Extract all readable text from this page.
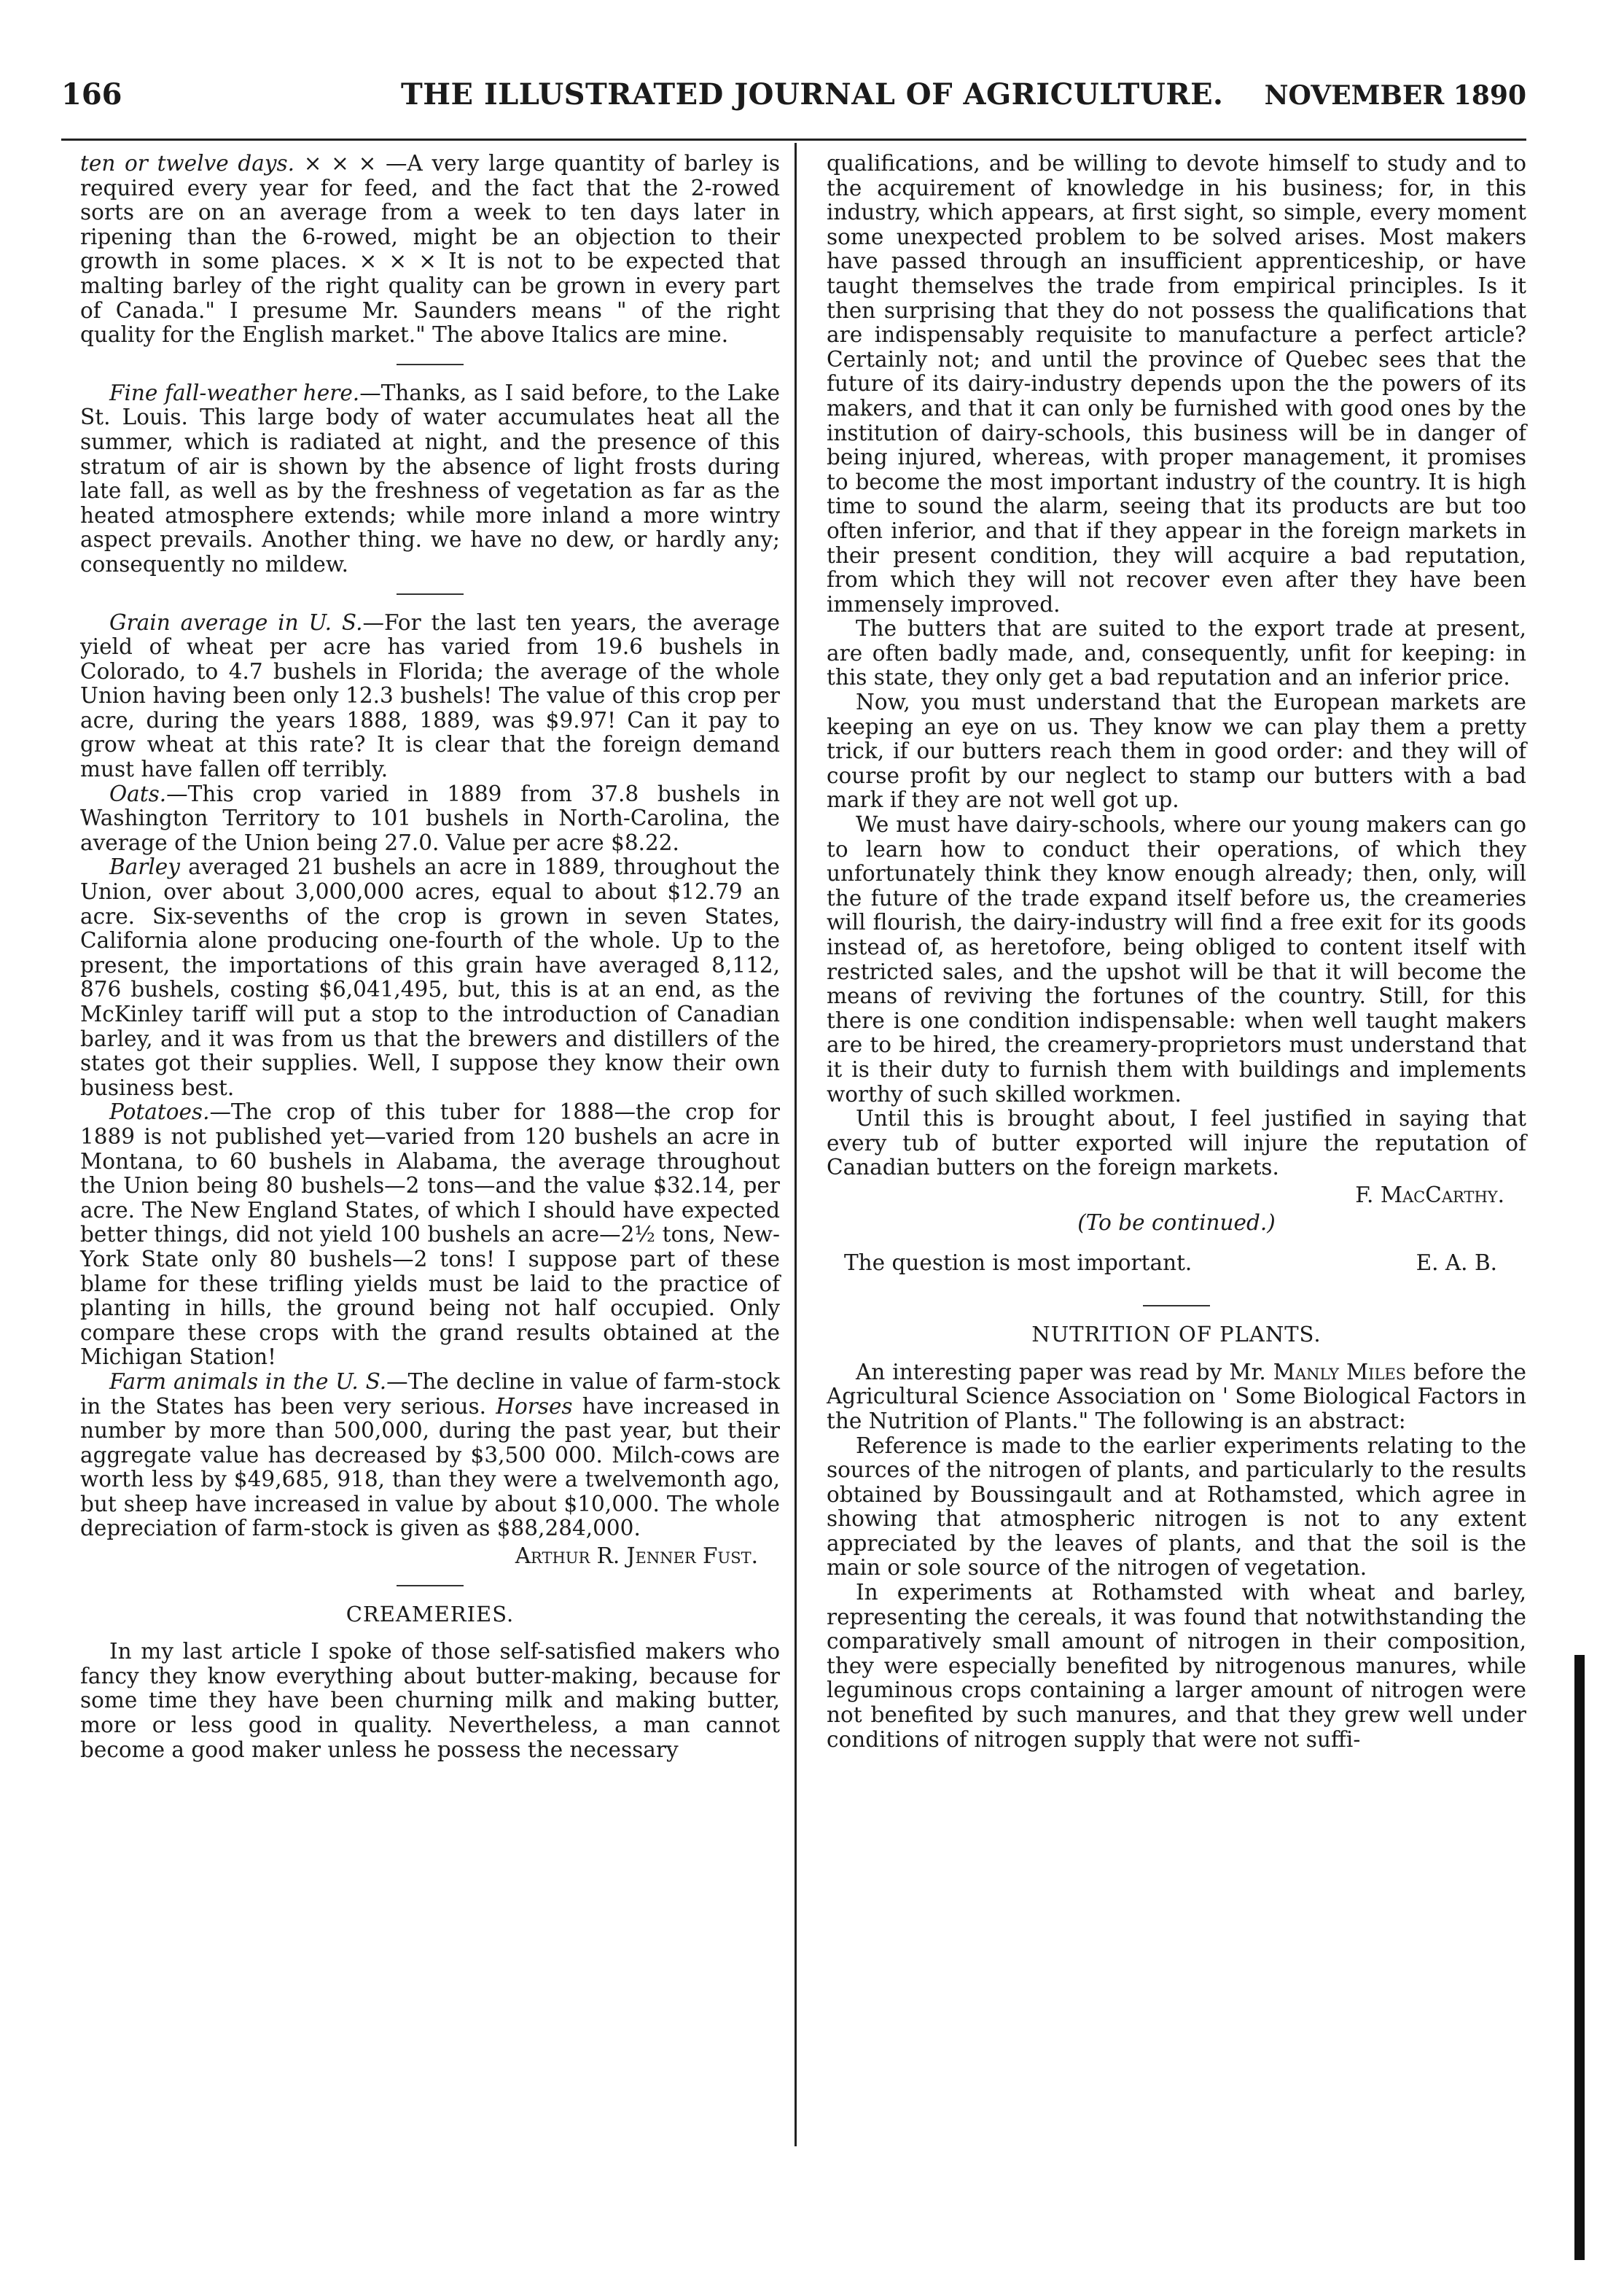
166	THE ILLUSTRATED JOURNAL OF AGRICULTURE. NOVEMBER 1890

ten or twelve days. × × × —A very large quantity of barley is required every year for feed, and the fact that the 2-rowed sorts are on an average from a week to ten days later in ripening than the 6-rowed, might be an objection to their growth in some places. × × × It is not to be expected that malting barley of the right quality can be grown in every part of Canada." I presume Mr. Saunders means " of the right quality for the English market." The above Italics are mine.

Fine fall-weather here.—Thanks, as I said before, to the Lake St. Louis. This large body of water accumulates heat all the summer, which is radiated at night, and the presence of this stratum of air is shown by the absence of light frosts during late fall, as well as by the freshness of vegetation as far as the heated atmosphere extends; while more inland a more wintry aspect prevails. Another thing. we have no dew, or hardly any; consequently no mildew.

Grain average in U. S.—For the last ten years, the average yield of wheat per acre has varied from 19.6 bushels in Colorado, to 4.7 bushels in Florida; the average of the whole Union having been only 12.3 bushels! The value of this crop per acre, during the years 1888, 1889, was $9.97! Can it pay to grow wheat at this rate? It is clear that the foreign demand must have fallen off terribly.

Oats.—This crop varied in 1889 from 37.8 bushels in Washington Territory to 101 bushels in North-Carolina, the average of the Union being 27.0. Value per acre $8.22.

Barley averaged 21 bushels an acre in 1889, throughout the Union, over about 3,000,000 acres, equal to about $12.79 an acre. Six-sevenths of the crop is grown in seven States, California alone producing one-fourth of the whole. Up to the present, the importations of this grain have averaged 8,112, 876 bushels, costing $6,041,495, but, this is at an end, as the McKinley tariff will put a stop to the introduction of Canadian barley, and it was from us that the brewers and distillers of the states got their supplies. Well, I suppose they know their own business best.

Potatoes.—The crop of this tuber for 1888—the crop for 1889 is not published yet—varied from 120 bushels an acre in Montana, to 60 bushels in Alabama, the average throughout the Union being 80 bushels—2 tons—and the value $32.14, per acre. The New England States, of which I should have expected better things, did not yield 100 bushels an acre—2½ tons, New-York State only 80 bushels—2 tons! I suppose part of these blame for these trifling yields must be laid to the practice of planting in hills, the ground being not half occupied. Only compare these crops with the grand results obtained at the Michigan Station!

Farm animals in the U. S.—The decline in value of farm-stock in the States has been very serious. Horses have increased in number by more than 500,000, during the past year, but their aggregate value has decreased by $3,500 000. Milch-cows are worth less by $49,685, 918, than they were a twelvemonth ago, but sheep have increased in value by about $10,000. The whole depreciation of farm-stock is given as $88,284,000.

Arthur R. Jenner Fust.
CREAMERIES.

In my last article I spoke of those self-satisfied makers who fancy they know everything about butter-making, because for some time they have been churning milk and making butter, more or less good in quality. Nevertheless, a man cannot become a good maker unless he possess the necessary

qualifications, and be willing to devote himself to study and to the acquirement of knowledge in his business; for, in this industry, which appears, at first sight, so simple, every moment some unexpected problem to be solved arises. Most makers have passed through an insufficient apprenticeship, or have taught themselves the trade from empirical principles. Is it then surprising that they do not possess the qualifications that are indispensably requisite to manufacture a perfect article? Certainly not; and until the province of Quebec sees that the future of its dairy-industry depends upon the the powers of its makers, and that it can only be furnished with good ones by the institution of dairy-schools, this business will be in danger of being injured, whereas, with proper management, it promises to become the most important industry of the country. It is high time to sound the alarm, seeing that its products are but too often inferior, and that if they appear in the foreign markets in their present condition, they will acquire a bad reputation, from which they will not recover even after they have been immensely improved.

The butters that are suited to the export trade at present, are often badly made, and, consequently, unfit for keeping: in this state, they only get a bad reputation and an inferior price.

Now, you must understand that the European markets are keeping an eye on us. They know we can play them a pretty trick, if our butters reach them in good order: and they will of course profit by our neglect to stamp our butters with a bad mark if they are not well got up.

We must have dairy-schools, where our young makers can go to learn how to conduct their operations, of which they unfortunately think they know enough already; then, only, will the future of the trade expand itself before us, the creameries will flourish, the dairy-industry will find a free exit for its goods instead of, as heretofore, being obliged to content itself with restricted sales, and the upshot will be that it will become the means of reviving the fortunes of the country. Still, for this there is one condition indispensable: when well taught makers are to be hired, the creamery-proprietors must understand that it is their duty to furnish them with buildings and implements worthy of such skilled workmen.

Until this is brought about, I feel justified in saying that every tub of butter exported will injure the reputation of Canadian butters on the foreign markets.

F. MacCarthy.
(To be continued.)
The question is most important.	E. A. B.
NUTRITION OF PLANTS.

An interesting paper was read by Mr. Manly Miles before the Agricultural Science Association on ' Some Biological Factors in the Nutrition of Plants." The following is an abstract:

Reference is made to the earlier experiments relating to the sources of the nitrogen of plants, and particularly to the results obtained by Boussingault and at Rothamsted, which agree in showing that atmospheric nitrogen is not to any extent appreciated by the leaves of plants, and that the soil is the main or sole source of the nitrogen of vegetation.

In experiments at Rothamsted with wheat and barley, representing the cereals, it was found that notwithstanding the comparatively small amount of nitrogen in their composition, they were especially benefited by nitrogenous manures, while leguminous crops containing a larger amount of nitrogen were not benefited by such manures, and that they grew well under conditions of nitrogen supply that were not suffi-
